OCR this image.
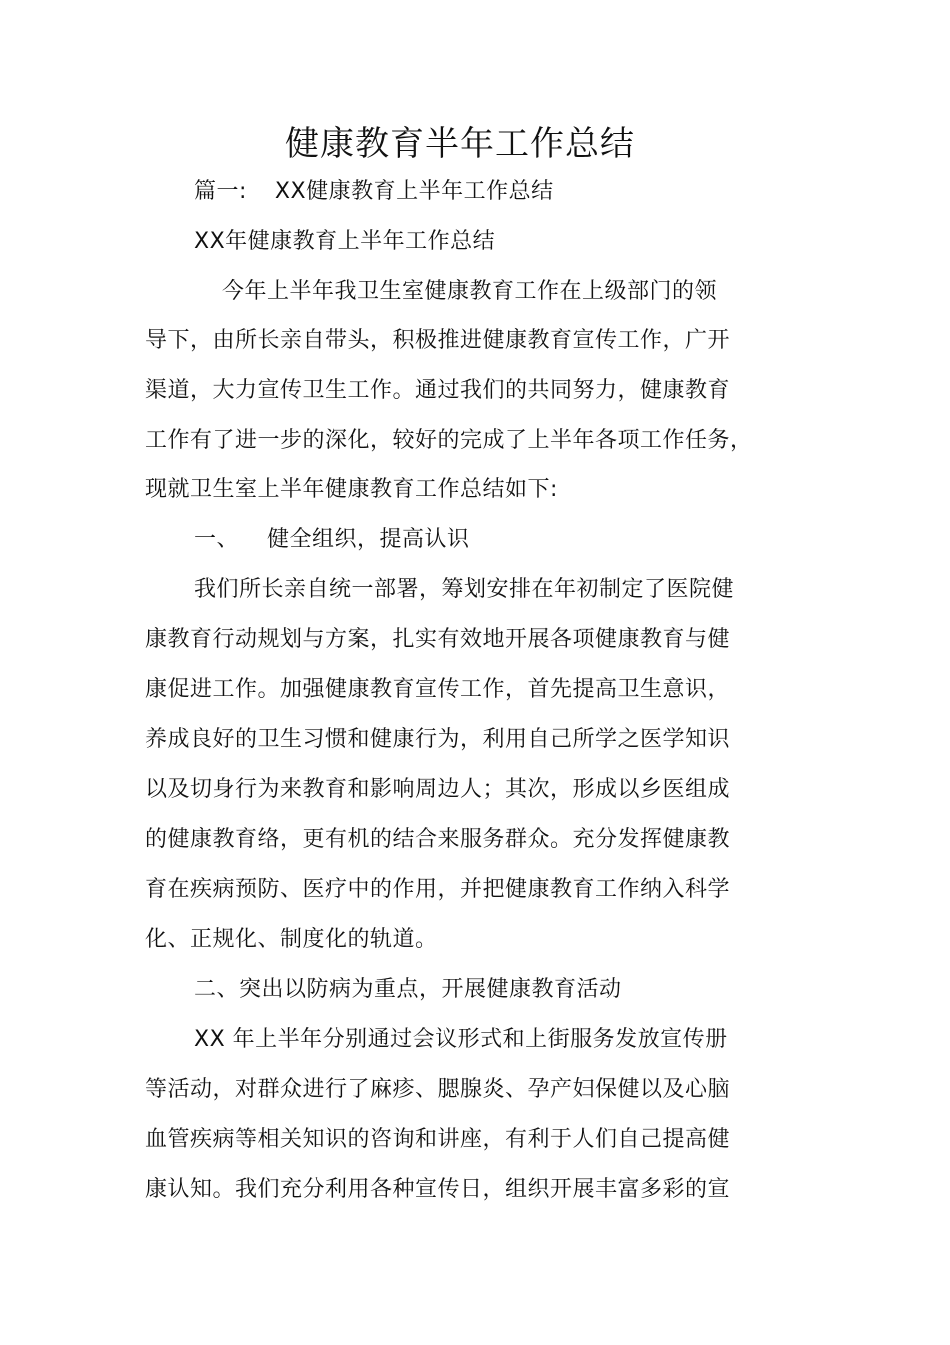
健康教育半年工作总结
篇一: XX健康教育上半年工作总结
XX年健康教育上半年工作总结
今年上半年我卫生室健康教育工作在上级部门的领
导下，由所长亲自带头，积极推进健康教育宣传工作，广开
渠道，大力宣传卫生工作。通过我们的共同努力，健康教育
工作有了进一步的深化，较好的完成了上半年各项工作任务，
现就卫生室上半年健康教育工作总结如下:
一、 健全组织，提高认识
我们所长亲自统一部署，筹划安排在年初制定了医院健
康教育行动规划与方案，扎实有效地开展各项健康教育与健
康促进工作。加强健康教育宣传工作，首先提高卫生意识，
养成良好的卫生习惯和健康行为，利用自己所学之医学知识
以及切身行为来教育和影响周边人；其次，形成以乡医组成
的健康教育络，更有机的结合来服务群众。充分发挥健康教
育在疾病预防、医疗中的作用，并把健康教育工作纳入科学
化、正规化、制度化的轨道。
二、突出以防病为重点，开展健康教育活动
XX 年上半年分别通过会议形式和上街服务发放宣传册
等活动，对群众进行了麻疹、腮腺炎、孕产妇保健以及心脑
血管疾病等相关知识的咨询和讲座，有利于人们自己提高健
康认知。我们充分利用各种宣传日，组织开展丰富多彩的宣
